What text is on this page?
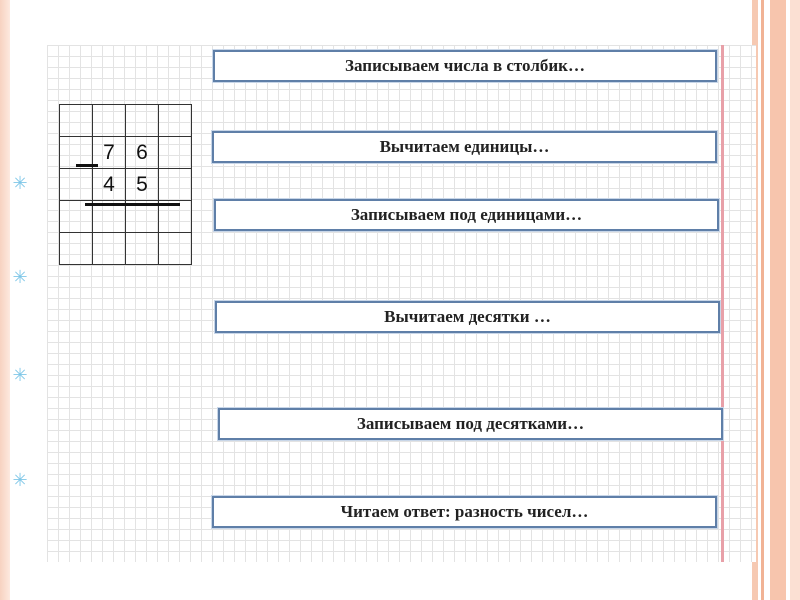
✳
✳
✳
✳

	7	6	
	4	5	

Записываем числа в столбик…
Вычитаем единицы…
Записываем под единицами…
Вычитаем десятки …
Записываем под десятками…
Читаем ответ: разность чисел…
